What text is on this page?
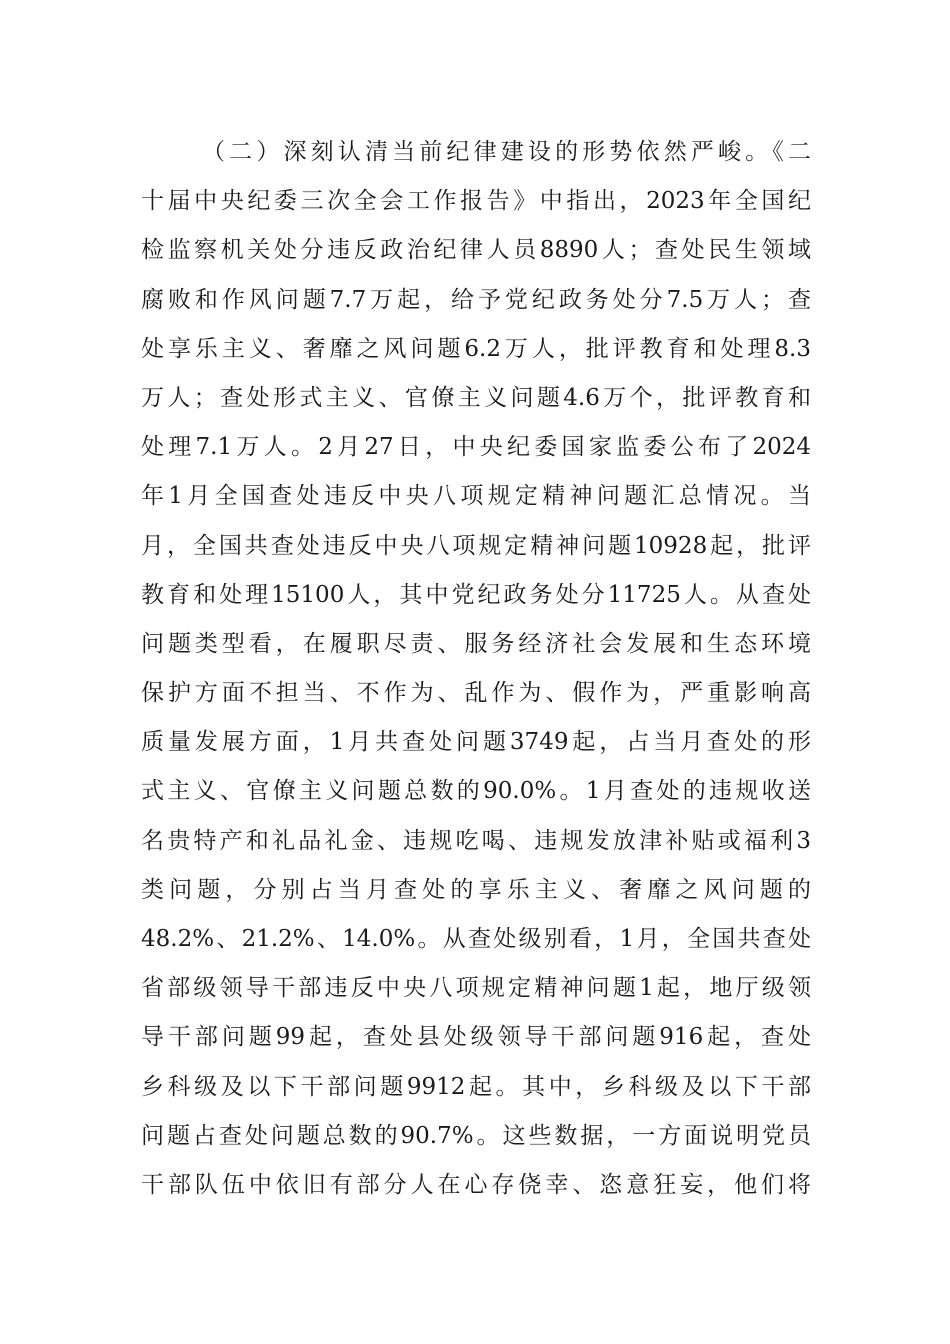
（二）深刻认清当前纪律建设的形势依然严峻。《二
十届中央纪委三次全会工作报告》中指出，2023年全国纪
检监察机关处分违反政治纪律人员8890人；查处民生领域
腐败和作风问题7.7万起，给予党纪政务处分7.5万人；查
处享乐主义、奢靡之风问题6.2万人，批评教育和处理8.3
万人；查处形式主义、官僚主义问题4.6万个，批评教育和
处理7.1万人。2月27日，中央纪委国家监委公布了2024
年1月全国查处违反中央八项规定精神问题汇总情况。当
月，全国共查处违反中央八项规定精神问题10928起，批评
教育和处理15100人，其中党纪政务处分11725人。从查处
问题类型看，在履职尽责、服务经济社会发展和生态环境
保护方面不担当、不作为、乱作为、假作为，严重影响高
质量发展方面，1月共查处问题3749起，占当月查处的形
式主义、官僚主义问题总数的90.0%。1月查处的违规收送
名贵特产和礼品礼金、违规吃喝、违规发放津补贴或福利3
类问题，分别占当月查处的享乐主义、奢靡之风问题的
48.2%、21.2%、14.0%。从查处级别看，1月，全国共查处
省部级领导干部违反中央八项规定精神问题1起，地厅级领
导干部问题99起，查处县处级领导干部问题916起，查处
乡科级及以下干部问题9912起。其中，乡科级及以下干部
问题占查处问题总数的90.7%。这些数据，一方面说明党员
干部队伍中依旧有部分人在心存侥幸、恣意狂妄，他们将
